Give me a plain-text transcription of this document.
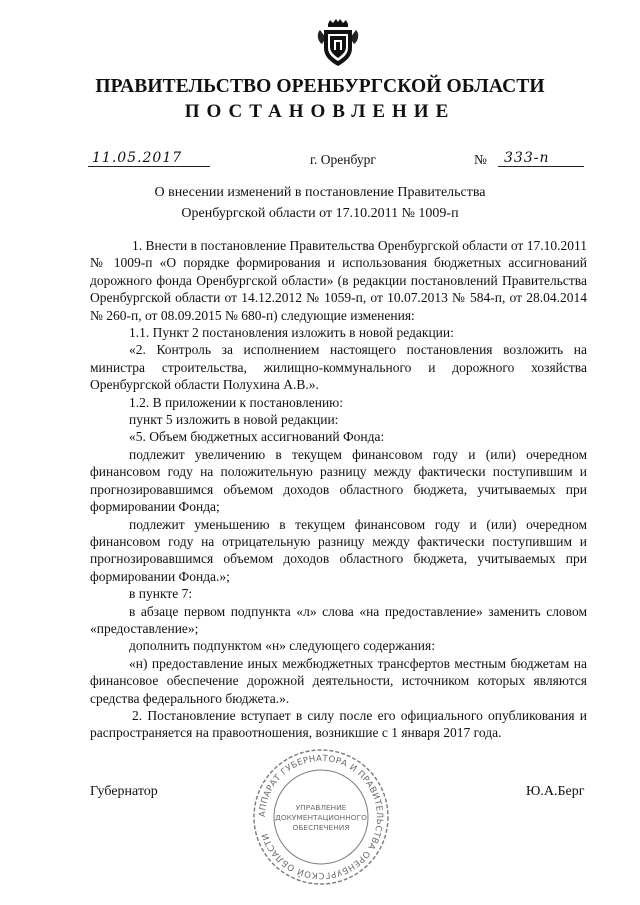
ПРАВИТЕЛЬСТВО ОРЕНБУРГСКОЙ ОБЛАСТИ
ПОСТАНОВЛЕНИЕ
11.05.2017	г. Оренбург	№	333-п
О внесении изменений в постановление Правительства
Оренбургской области от 17.10.2011 № 1009-п

1. Внести в постановление Правительства Оренбургской области от 17.10.2011 № 1009-п «О порядке формирования и использования бюджетных ассигнований дорожного фонда Оренбургской области» (в редакции постановлений Правительства Оренбургской области от 14.12.2012 № 1059-п, от 10.07.2013 № 584-п, от 28.04.2014 № 260-п, от 08.09.2015 № 680-п) следующие изменения:

1.1. Пункт 2 постановления изложить в новой редакции:

«2. Контроль за исполнением настоящего постановления возложить на министра строительства, жилищно-коммунального и дорожного хозяйства Оренбургской области Полухина А.В.».

1.2. В приложении к постановлению:

пункт 5 изложить в новой редакции:

«5. Объем бюджетных ассигнований Фонда:

подлежит увеличению в текущем финансовом году и (или) очередном финансовом году на положительную разницу между фактически поступившим и прогнозировавшимся объемом доходов областного бюджета, учитываемых при формировании Фонда;

подлежит уменьшению в текущем финансовом году и (или) очередном финансовом году на отрицательную разницу между фактически поступившим и прогнозировавшимся объемом доходов областного бюджета, учитываемых при формировании Фонда.»;

в пункте 7:

в абзаце первом подпункта «л» слова «на предоставление» заменить словом «предоставление»;

дополнить подпунктом «н» следующего содержания:

«н) предоставление иных межбюджетных трансфертов местным бюджетам на финансовое обеспечение дорожной деятельности, источником которых являются средства федерального бюджета.».

2. Постановление вступает в силу после его официального опубликования и распространяется на правоотношения, возникшие с 1 января 2017 года.

Губернатор	Ю.А.Берг
АППАРАТ ГУБЕРНАТОРА И ПРАВИТЕЛЬСТВА ОРЕНБУРГСКОЙ ОБЛАСТИ
УПРАВЛЕНИЕ
ДОКУМЕНТАЦИОННОГО
ОБЕСПЕЧЕНИЯ
